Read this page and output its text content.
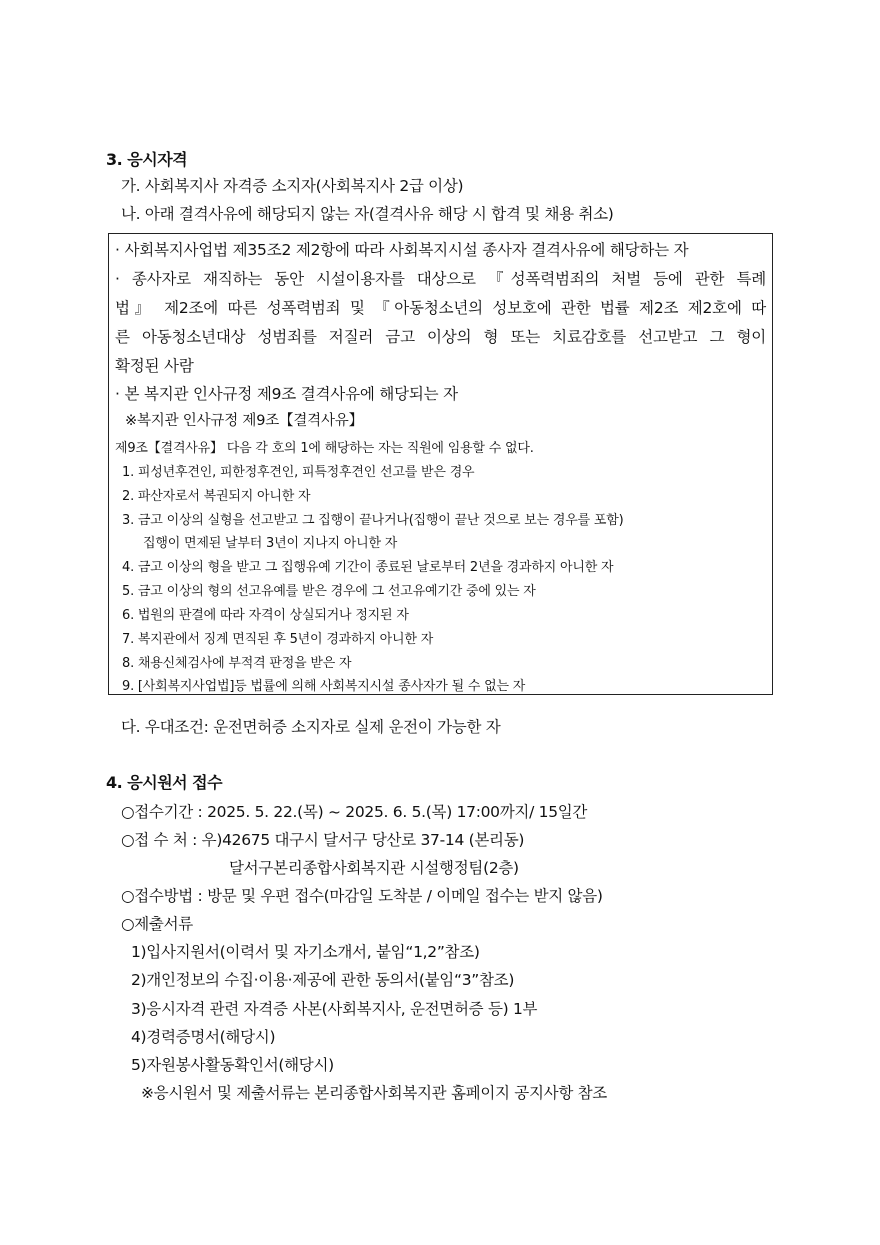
3. 응시자격
가. 사회복지사 자격증 소지자(사회복지사 2급 이상)
나. 아래 결격사유에 해당되지 않는 자(결격사유 해당 시 합격 및 채용 취소)
· 사회복지사업법 제35조2 제2항에 따라 사회복지시설 종사자 결격사유에 해당하는 자
· 종사자로 재직하는 동안 시설이용자를 대상으로 『성폭력범죄의 처벌 등에 관한 특례
법』 제2조에 따른 성폭력범죄 및 『아동청소년의 성보호에 관한 법률 제2조 제2호에 따
른 아동청소년대상 성범죄를 저질러 금고 이상의 형 또는 치료감호를 선고받고 그 형이
확정된 사람
· 본 복지관 인사규정 제9조 결격사유에 해당되는 자
※복지관 인사규정 제9조【결격사유】
제9조【결격사유】 다음 각 호의 1에 해당하는 자는 직원에 임용할 수 없다.
1. 피성년후견인, 피한정후견인, 피특정후견인 선고를 받은 경우
2. 파산자로서 복권되지 아니한 자
3. 금고 이상의 실형을 선고받고 그 집행이 끝나거나(집행이 끝난 것으로 보는 경우를 포함)
집행이 면제된 날부터 3년이 지나지 아니한 자
4. 금고 이상의 형을 받고 그 집행유예 기간이 종료된 날로부터 2년을 경과하지 아니한 자
5. 금고 이상의 형의 선고유예를 받은 경우에 그 선고유예기간 중에 있는 자
6. 법원의 판결에 따라 자격이 상실되거나 정지된 자
7. 복지관에서 징계 면직된 후 5년이 경과하지 아니한 자
8. 채용신체검사에 부적격 판정을 받은 자
9. [사회복지사업법]등 법률에 의해 사회복지시설 종사자가 될 수 없는 자
다. 우대조건: 운전면허증 소지자로 실제 운전이 가능한 자
4. 응시원서 접수
○접수기간 : 2025. 5. 22.(목) ~ 2025. 6. 5.(목) 17:00까지/ 15일간
○접 수 처 : 우)42675 대구시 달서구 당산로 37-14 (본리동)
달서구본리종합사회복지관 시설행정팀(2층)
○접수방법 : 방문 및 우편 접수(마감일 도착분 / 이메일 접수는 받지 않음)
○제출서류
1)입사지원서(이력서 및 자기소개서, 붙임“1,2”참조)
2)개인정보의 수집·이용·제공에 관한 동의서(붙임“3”참조)
3)응시자격 관련 자격증 사본(사회복지사, 운전면허증 등) 1부
4)경력증명서(해당시)
5)자원봉사활동확인서(해당시)
※응시원서 및 제출서류는 본리종합사회복지관 홈페이지 공지사항 참조
